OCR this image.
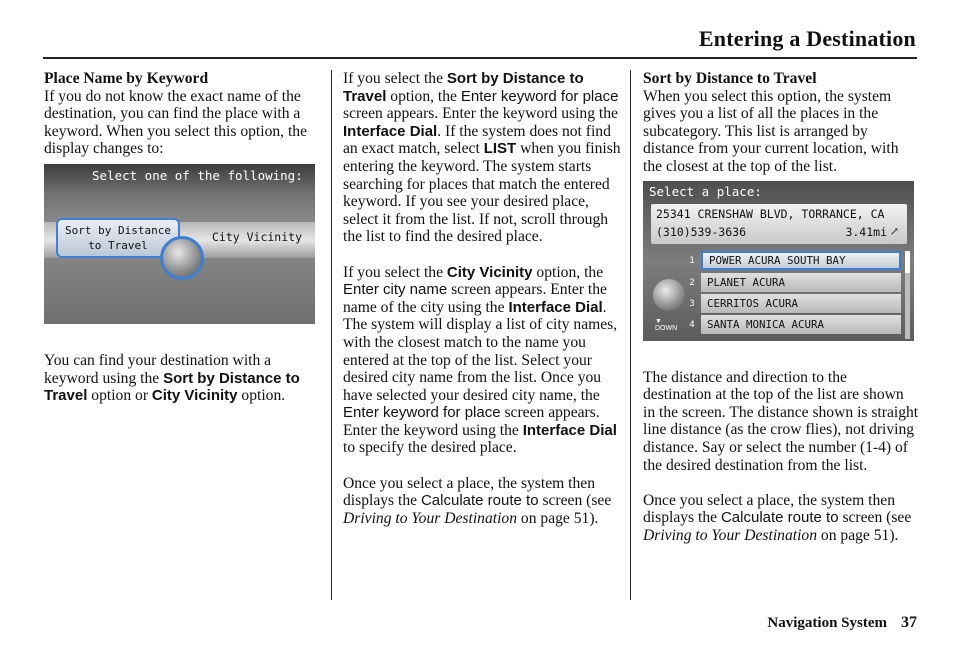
Entering a Destination

Place Name by Keyword
If you do not know the exact name of the destination, you can find the place with a keyword. When you select this option, the display changes to:

You can find your destination with a keyword using the Sort by Distance to Travel option or City Vicinity option.

Select one of the following:
Sort by Distance
to Travel
City Vicinity

If you select the Sort by Distance to Travel option, the Enter keyword for place screen appears. Enter the keyword using the Interface Dial. If the system does not find an exact match, select LIST when you finish entering the keyword. The system starts searching for places that match the entered keyword. If you see your desired place, select it from the list. If not, scroll through the list to find the desired place.

If you select the City Vicinity option, the Enter city name screen appears. Enter the name of the city using the Interface Dial. The system will display a list of city names, with the closest match to the name you entered at the top of the list. Select your desired city name from the list. Once you have selected your desired city name, the Enter keyword for place screen appears. Enter the keyword using the Interface Dial to specify the desired place.

Once you select a place, the system then displays the Calculate route to screen (see Driving to Your Destination on page 51).

Sort by Distance to Travel
When you select this option, the system gives you a list of all the places in the subcategory. This list is arranged by distance from your current location, with the closest at the top of the list.

The distance and direction to the destination at the top of the list are shown in the screen. The distance shown is straight line distance (as the crow flies), not driving distance. Say or select the number (1-4) of the desired destination from the list.

Once you select a place, the system then displays the Calculate route to screen (see Driving to Your Destination on page 51).

Select a place:
25341 CRENSHAW BLVD, TORRANCE, CA
(310)539-3636	3.41mi ↗
▼
DOWN
1	POWER ACURA SOUTH BAY
2	PLANET ACURA
3	CERRITOS ACURA
4	SANTA MONICA ACURA
Navigation System 37
